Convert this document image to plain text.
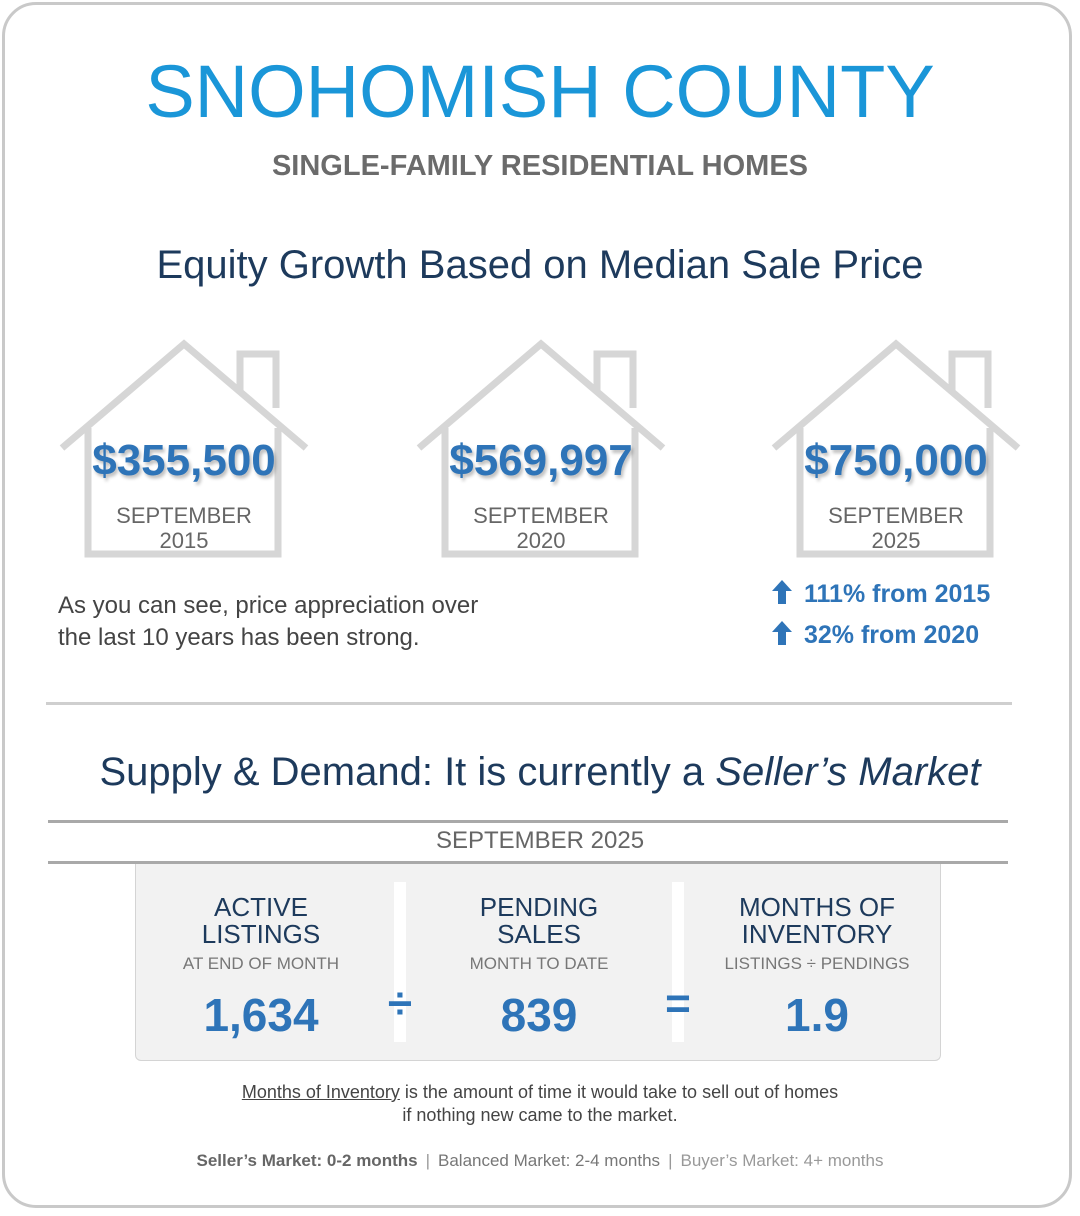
SNOHOMISH COUNTY
SINGLE-FAMILY RESIDENTIAL HOMES
Equity Growth Based on Median Sale Price
$355,500
SEPTEMBER
2015
$569,997
SEPTEMBER
2020
$750,000
SEPTEMBER
2025
As you can see, price appreciation over
the last 10 years has been strong.
111% from 2015
32% from 2020
Supply & Demand: It is currently a Seller’s Market
SEPTEMBER 2025
ACTIVE
LISTINGS
AT END OF MONTH
1,634	÷
PENDING
SALES
MONTH TO DATE
839	=
MONTHS OF
INVENTORY
LISTINGS ÷ PENDINGS
1.9
Months of Inventory is the amount of time it would take to sell out of homes
if nothing new came to the market.
Seller’s Market: 0-2 months | Balanced Market: 2-4 months | Buyer’s Market: 4+ months
